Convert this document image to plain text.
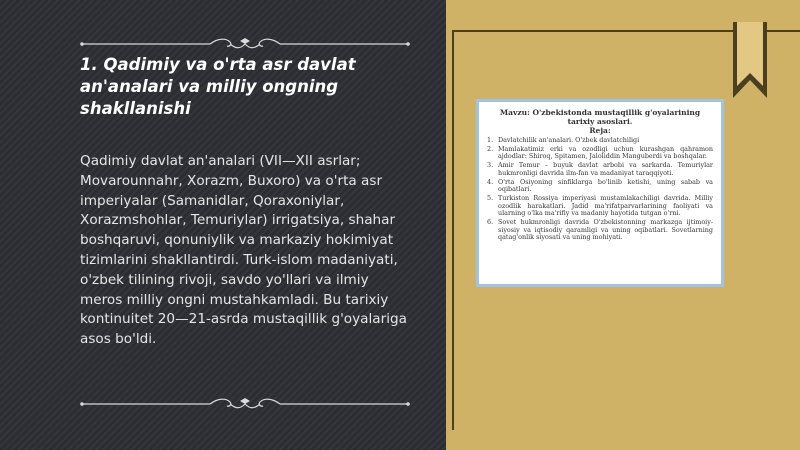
1. Qadimiy va o'rta asr davlat an'analari va milliy ongning shakllanishi

Qadimiy davlat an'analari (VII—XII asrlar; Movarounnahr, Xorazm, Buxoro) va o'rta asr imperiyalar (Samanidlar, Qoraxoniylar, Xorazmshohlar, Temuriylar) irrigatsiya, shahar boshqaruvi, qonuniylik va markaziy hokimiyat tizimlarini shakllantirdi. Turk-islom madaniyati, o'zbek tilining rivoji, savdo yo'llari va ilmiy meros milliy ongni mustahkamladi. Bu tarixiy kontinuitet 20—21-asrda mustaqillik g'oyalariga asos bo'ldi.

Mavzu: O'zbekistonda mustaqillik g'oyalarining tarixiy asoslari.
Reja:
1. Davlatchilik an'analari. O'zbek davlatchiligi
2. Mamlakatimiz erki va ozodligi uchun kurashgan qahramon ajdodlar: Shiroq, Spitamen, Jaloliddin Manguberdi va boshqalar.
3. Amir Temur – buyuk davlat arbobi va sarkarda. Temuriylar hukmronligi davrida ilm-fan va madaniyat taraqqiyoti.
4. O'rta Osiyoning sinfiklarga bo'linib ketishi, uning sabab va oqibatlari.
5. Turkiston Rossiya imperiyasi mustamlakachiligi davrida. Milliy ozodlik harakatlari. Jadid ma'rifatparvarlarining faoliyati va ularning o'lka ma'rifiy va madaniy hayotida tutgan o'rni.
6. Sovet hukmronligi davrida O'zbekistonning markazga ijtimoiy-siyosiy va iqtisodiy qaramligi va uning oqibatlari. Sovetlarning qatag'onlik siyosati va uning mohiyati.
